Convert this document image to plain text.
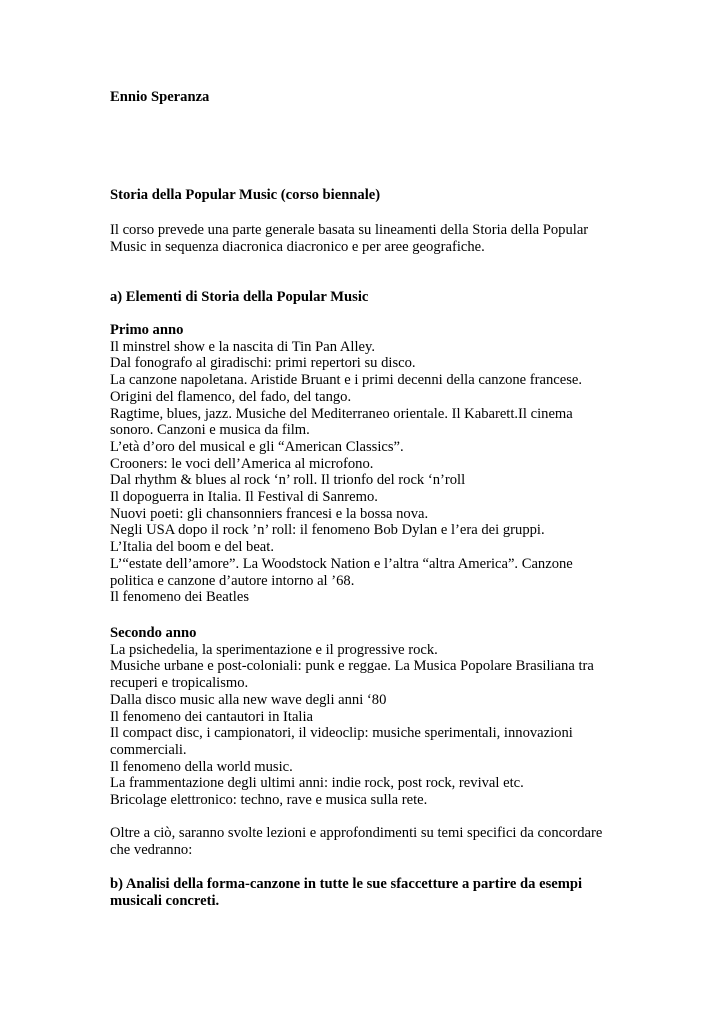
Ennio Speranza
Storia della Popular Music (corso biennale)
Il corso prevede una parte generale basata su lineamenti della Storia della Popular
Music in sequenza diacronica diacronico e per aree geografiche.
a) Elementi di Storia della Popular Music
Primo anno
Il minstrel show e la nascita di Tin Pan Alley.
Dal fonografo al giradischi: primi repertori su disco.
La canzone napoletana. Aristide Bruant e i primi decenni della canzone francese.
Origini del flamenco, del fado, del tango.
Ragtime, blues, jazz. Musiche del Mediterraneo orientale. Il Kabarett.Il cinema
sonoro. Canzoni e musica da film.
L’età d’oro del musical e gli “American Classics”.
Crooners: le voci dell’America al microfono.
Dal rhythm & blues al rock ‘n’ roll. Il trionfo del rock ‘n’roll
Il dopoguerra in Italia. Il Festival di Sanremo.
Nuovi poeti: gli chansonniers francesi e la bossa nova.
Negli USA dopo il rock ’n’ roll: il fenomeno Bob Dylan e l’era dei gruppi.
L’Italia del boom e del beat.
L’“estate dell’amore”. La Woodstock Nation e l’altra “altra America”. Canzone
politica e canzone d’autore intorno al ’68.
Il fenomeno dei Beatles
Secondo anno
La psichedelia, la sperimentazione e il progressive rock.
Musiche urbane e post-coloniali: punk e reggae. La Musica Popolare Brasiliana tra
recuperi e tropicalismo.
Dalla disco music alla new wave degli anni ‘80
Il fenomeno dei cantautori in Italia
Il compact disc, i campionatori, il videoclip: musiche sperimentali, innovazioni
commerciali.
Il fenomeno della world music.
La frammentazione degli ultimi anni: indie rock, post rock, revival etc.
Bricolage elettronico: techno, rave e musica sulla rete.
Oltre a ciò, saranno svolte lezioni e approfondimenti su temi specifici da concordare
che vedranno:
b) Analisi della forma-canzone in tutte le sue sfaccetture a partire da esempi
musicali concreti.
